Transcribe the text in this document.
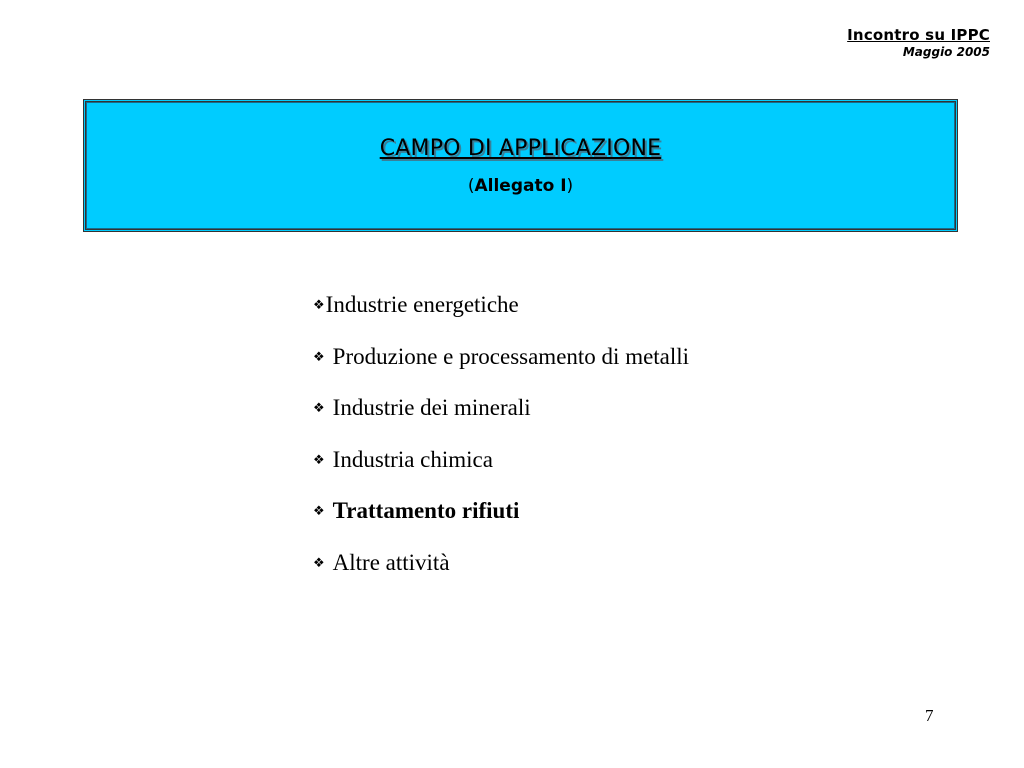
Incontro su IPPC
Maggio 2005
CAMPO DI APPLICAZIONE
(Allegato I)
❖Industrie energetiche
❖ Produzione e processamento di metalli
❖ Industrie dei minerali
❖ Industria chimica
❖ Trattamento rifiuti
❖ Altre attività
7
